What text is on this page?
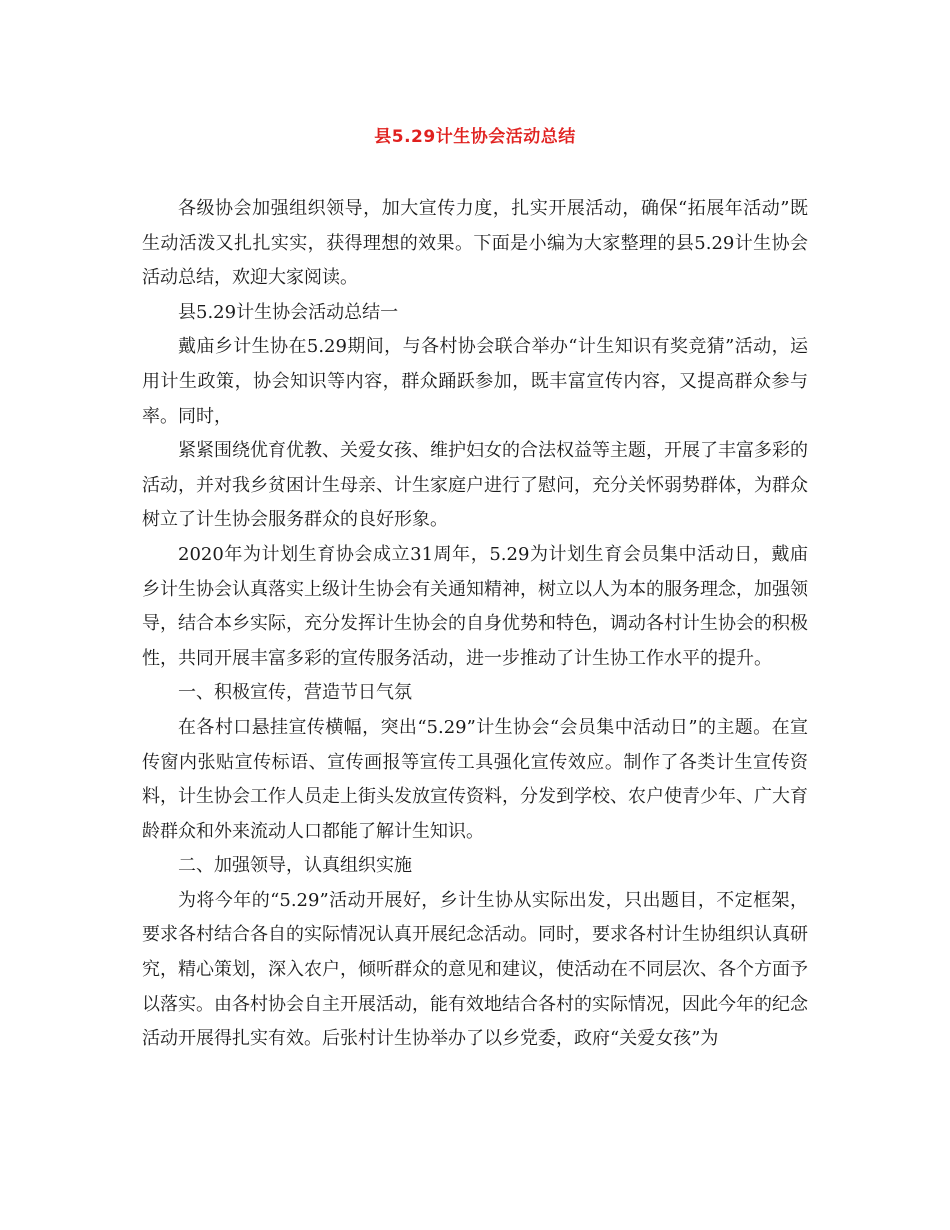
县5.29计生协会活动总结

各级协会加强组织领导，加大宣传力度，扎实开展活动，确保“拓展年活动”既生动活泼又扎扎实实，获得理想的效果。下面是小编为大家整理的县5.29计生协会活动总结，欢迎大家阅读。

县5.29计生协会活动总结一

戴庙乡计生协在5.29期间，与各村协会联合举办“计生知识有奖竞猜”活动，运用计生政策，协会知识等内容，群众踊跃参加，既丰富宣传内容，又提高群众参与率。同时，

紧紧围绕优育优教、关爱女孩、维护妇女的合法权益等主题，开展了丰富多彩的活动，并对我乡贫困计生母亲、计生家庭户进行了慰问，充分关怀弱势群体，为群众树立了计生协会服务群众的良好形象。

2020年为计划生育协会成立31周年，5.29为计划生育会员集中活动日，戴庙乡计生协会认真落实上级计生协会有关通知精神，树立以人为本的服务理念，加强领导，结合本乡实际，充分发挥计生协会的自身优势和特色，调动各村计生协会的积极性，共同开展丰富多彩的宣传服务活动，进一步推动了计生协工作水平的提升。

一、积极宣传，营造节日气氛

在各村口悬挂宣传横幅，突出“5.29”计生协会“会员集中活动日”的主题。在宣传窗内张贴宣传标语、宣传画报等宣传工具强化宣传效应。制作了各类计生宣传资料，计生协会工作人员走上街头发放宣传资料，分发到学校、农户使青少年、广大育龄群众和外来流动人口都能了解计生知识。

二、加强领导，认真组织实施

为将今年的“5.29”活动开展好，乡计生协从实际出发，只出题目，不定框架，要求各村结合各自的实际情况认真开展纪念活动。同时，要求各村计生协组织认真研究，精心策划，深入农户，倾听群众的意见和建议，使活动在不同层次、各个方面予以落实。由各村协会自主开展活动，能有效地结合各村的实际情况，因此今年的纪念活动开展得扎实有效。后张村计生协举办了以乡党委，政府“关爱女孩”为
